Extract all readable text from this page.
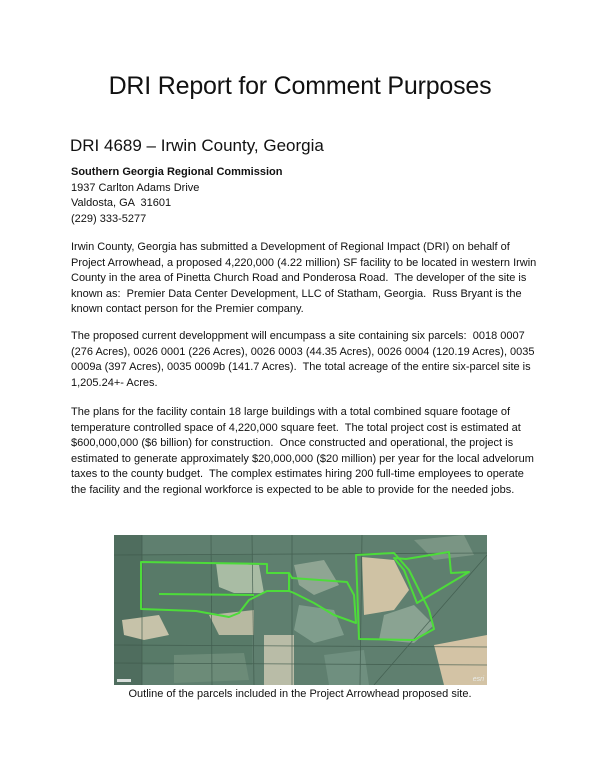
DRI Report for Comment Purposes
DRI 4689 – Irwin County, Georgia
Southern Georgia Regional Commission
1937 Carlton Adams Drive
Valdosta, GA  31601
(229) 333-5277

Irwin County, Georgia has submitted a Development of Regional Impact (DRI) on behalf of Project Arrowhead, a proposed 4,220,000 (4.22 million) SF facility to be located in western Irwin County in the area of Pinetta Church Road and Ponderosa Road.  The developer of the site is known as:  Premier Data Center Development, LLC of Statham, Georgia.  Russ Bryant is the known contact person for the Premier company.

The proposed current developpment will encumpass a site containing six parcels:  0018 0007 (276 Acres), 0026 0001 (226 Acres), 0026 0003 (44.35 Acres), 0026 0004 (120.19 Acres), 0035 0009a (397 Acres), 0035 0009b (141.7 Acres).  The total acreage of the entire six-parcel site is 1,205.24+- Acres.

The plans for the facility contain 18 large buildings with a total combined square footage of temperature controlled space of 4,220,000 square feet.  The total project cost is estimated at $600,000,000 ($6 billion) for construction.  Once constructed and operational, the project is estimated to generate approximately $20,000,000 ($20 million) per year for the local advelorum taxes to the county budget.  The complex estimates hiring 200 full-time employees to operate the facility and the regional workforce is expected to be able to provide for the needed jobs.

esri
Outline of the parcels included in the Project Arrowhead proposed site.
